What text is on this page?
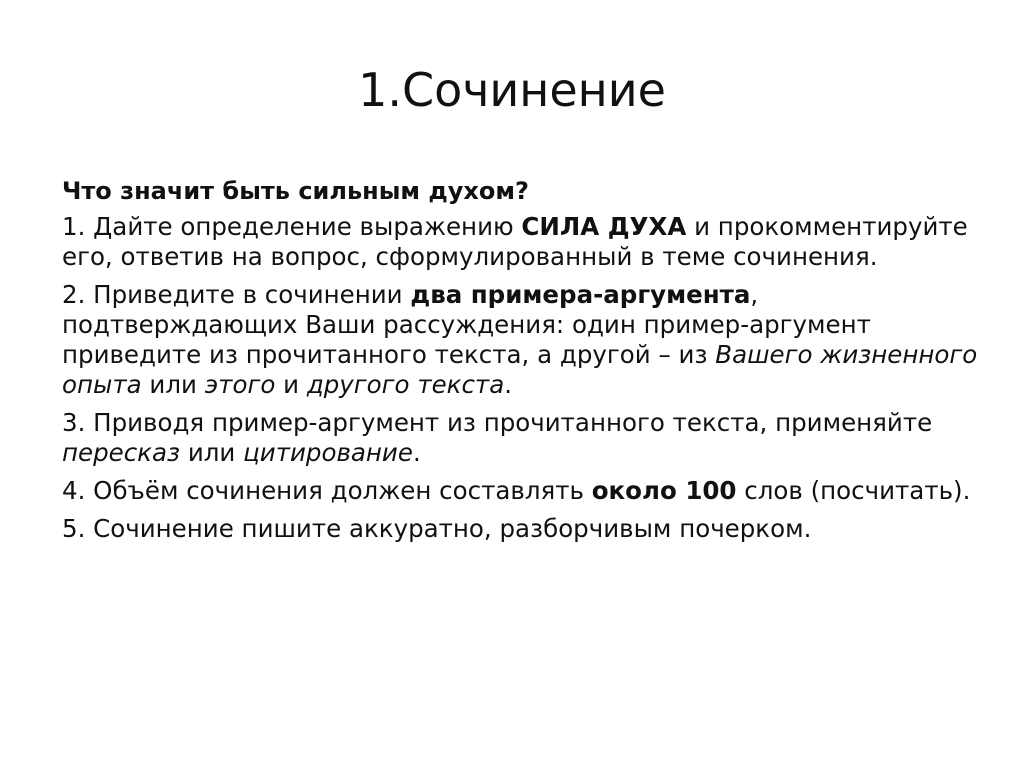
1.Сочинение

Что значит быть сильным духом?

1. Дайте определение выражению СИЛА ДУХА и прокомментируйте его, ответив на вопрос, сформулированный в теме сочинения.

2. Приведите в сочинении два примера-аргумента, подтверждающих Ваши рассуждения: один пример-аргумент приведите из прочитанного текста, а другой – из Вашего жизненного опыта или этого и другого текста.

3. Приводя пример-аргумент из прочитанного текста, применяйте пересказ или цитирование.

4. Объём сочинения должен составлять около 100 слов (посчитать).

5. Сочинение пишите аккуратно, разборчивым почерком.
